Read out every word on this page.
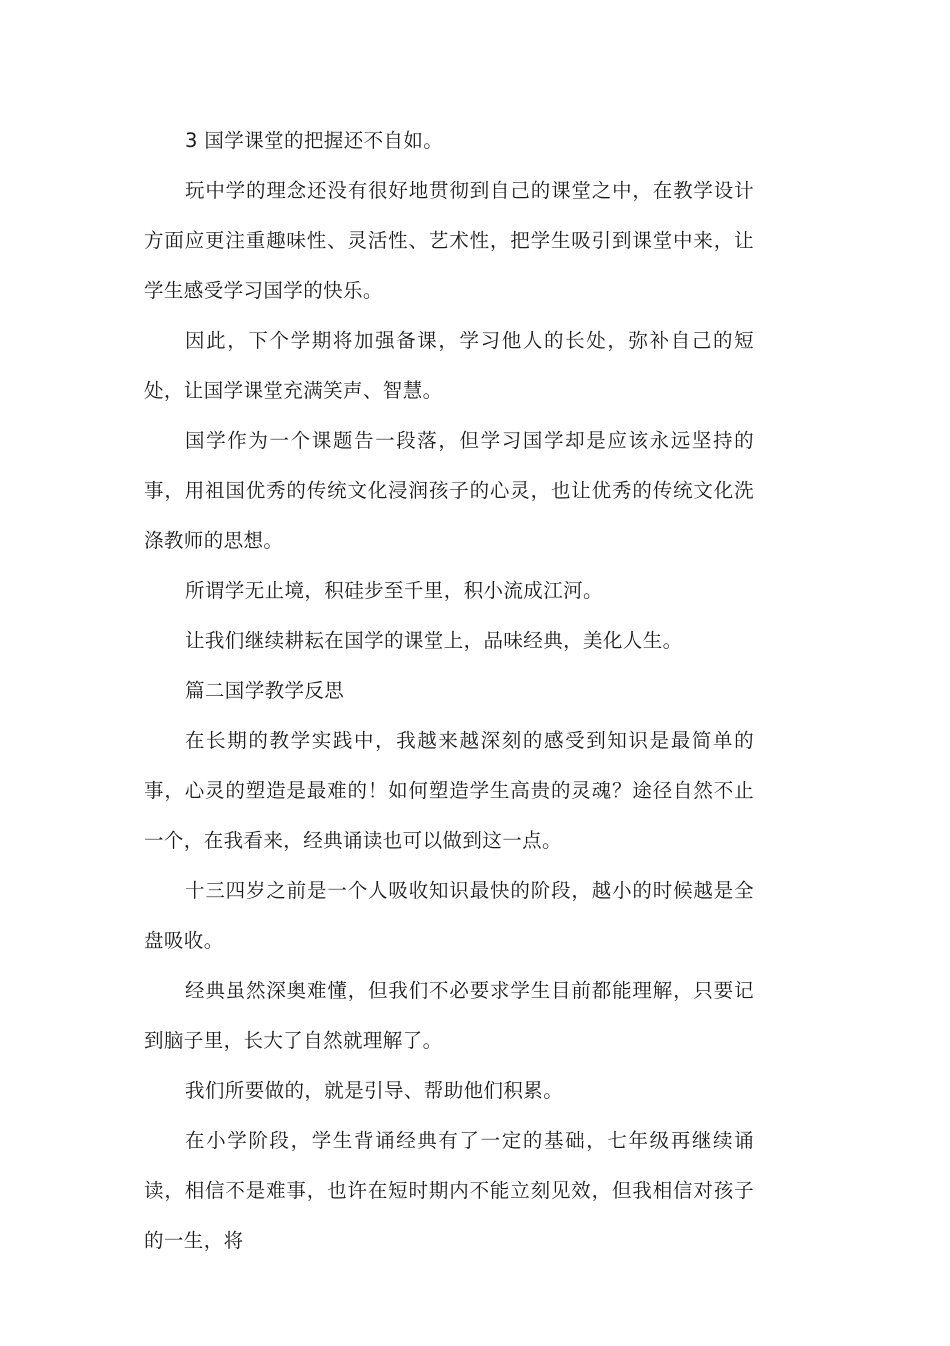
3 国学课堂的把握还不自如。

玩中学的理念还没有很好地贯彻到自己的课堂之中，在教学设计方面应更注重趣味性、灵活性、艺术性，把学生吸引到课堂中来，让学生感受学习国学的快乐。

因此，下个学期将加强备课，学习他人的长处，弥补自己的短处，让国学课堂充满笑声、智慧。

国学作为一个课题告一段落，但学习国学却是应该永远坚持的事，用祖国优秀的传统文化浸润孩子的心灵，也让优秀的传统文化洗涤教师的思想。

所谓学无止境，积硅步至千里，积小流成江河。

让我们继续耕耘在国学的课堂上，品味经典，美化人生。

篇二国学教学反思

在长期的教学实践中，我越来越深刻的感受到知识是最简单的事，心灵的塑造是最难的！如何塑造学生高贵的灵魂？途径自然不止一个，在我看来，经典诵读也可以做到这一点。

十三四岁之前是一个人吸收知识最快的阶段，越小的时候越是全盘吸收。

经典虽然深奥难懂，但我们不必要求学生目前都能理解，只要记到脑子里，长大了自然就理解了。

我们所要做的，就是引导、帮助他们积累。

在小学阶段，学生背诵经典有了一定的基础，七年级再继续诵读，相信不是难事，也许在短时期内不能立刻见效，但我相信对孩子的一生，将
